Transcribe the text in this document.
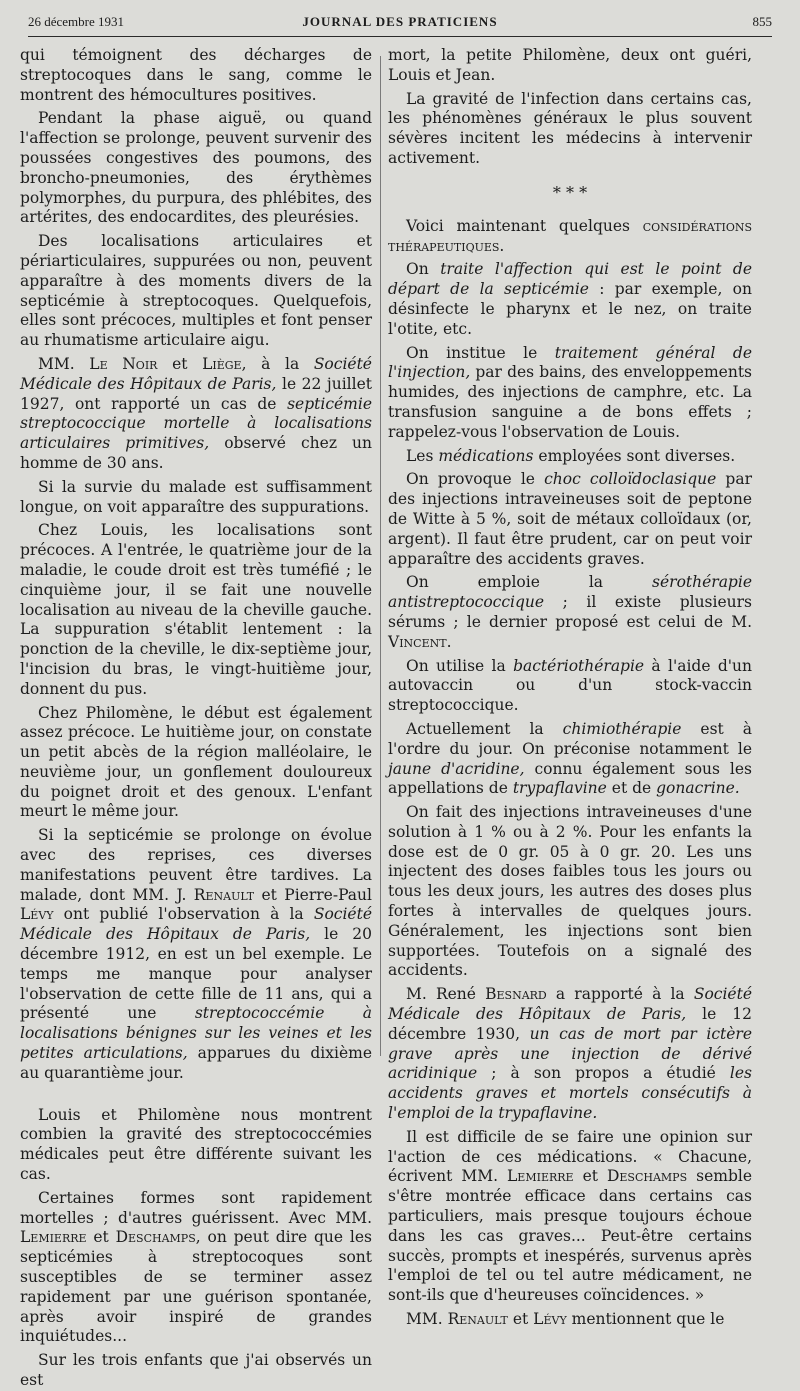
26 décembre 1931	JOURNAL DES PRATICIENS	855

qui témoignent des décharges de streptocoques dans le sang, comme le montrent des hémocultures positives.

Pendant la phase aiguë, ou quand l'affection se prolonge, peuvent survenir des poussées congestives des poumons, des broncho-pneumonies, des érythèmes polymorphes, du purpura, des phlébites, des artérites, des endocardites, des pleurésies.

Des localisations articulaires et périarticulaires, suppurées ou non, peuvent apparaître à des moments divers de la septicémie à streptocoques. Quelquefois, elles sont précoces, multiples et font penser au rhumatisme articulaire aigu.

MM. Le Noir et Liège, à la Société Médicale des Hôpitaux de Paris, le 22 juillet 1927, ont rapporté un cas de septicémie streptococcique mortelle à localisations articulaires primitives, observé chez un homme de 30 ans.

Si la survie du malade est suffisamment longue, on voit apparaître des suppurations.

Chez Louis, les localisations sont précoces. A l'entrée, le quatrième jour de la maladie, le coude droit est très tuméfié ; le cinquième jour, il se fait une nouvelle localisation au niveau de la cheville gauche. La suppuration s'établit lentement : la ponction de la cheville, le dix-septième jour, l'incision du bras, le vingt-huitième jour, donnent du pus.

Chez Philomène, le début est également assez précoce. Le huitième jour, on constate un petit abcès de la région malléolaire, le neuvième jour, un gonflement douloureux du poignet droit et des genoux. L'enfant meurt le même jour.

Si la septicémie se prolonge on évolue avec des reprises, ces diverses manifestations peuvent être tardives. La malade, dont MM. J. Renault et Pierre-Paul Lévy ont publié l'observation à la Société Médicale des Hôpitaux de Paris, le 20 décembre 1912, en est un bel exemple. Le temps me manque pour analyser l'observation de cette fille de 11 ans, qui a présenté une streptococcémie à localisations bénignes sur les veines et les petites articulations, apparues du dixième au quarantième jour.

Louis et Philomène nous montrent combien la gravité des streptococcémies médicales peut être différente suivant les cas.

Certaines formes sont rapidement mortelles ; d'autres guérissent. Avec MM. Lemierre et Deschamps, on peut dire que les septicémies à streptocoques sont susceptibles de se terminer assez rapidement par une guérison spontanée, après avoir inspiré de grandes inquiétudes...

Sur les trois enfants que j'ai observés un est

mort, la petite Philomène, deux ont guéri, Louis et Jean.

La gravité de l'infection dans certains cas, les phénomènes généraux le plus souvent sévères incitent les médecins à intervenir activement.

* * *

Voici maintenant quelques considérations thérapeutiques.

On traite l'affection qui est le point de départ de la septicémie : par exemple, on désinfecte le pharynx et le nez, on traite l'otite, etc.

On institue le traitement général de l'injection, par des bains, des enveloppements humides, des injections de camphre, etc. La transfusion sanguine a de bons effets ; rappelez-vous l'observation de Louis.

Les médications employées sont diverses.

On provoque le choc colloïdoclasique par des injections intraveineuses soit de peptone de Witte à 5 %, soit de métaux colloïdaux (or, argent). Il faut être prudent, car on peut voir apparaître des accidents graves.

On emploie la sérothérapie antistreptococcique ; il existe plusieurs sérums ; le dernier proposé est celui de M. Vincent.

On utilise la bactériothérapie à l'aide d'un autovaccin ou d'un stock-vaccin streptococcique.

Actuellement la chimiothérapie est à l'ordre du jour. On préconise notamment le jaune d'acridine, connu également sous les appellations de trypaflavine et de gonacrine.

On fait des injections intraveineuses d'une solution à 1 % ou à 2 %. Pour les enfants la dose est de 0 gr. 05 à 0 gr. 20. Les uns injectent des doses faibles tous les jours ou tous les deux jours, les autres des doses plus fortes à intervalles de quelques jours. Généralement, les injections sont bien supportées. Toutefois on a signalé des accidents.

M. René Besnard a rapporté à la Société Médicale des Hôpitaux de Paris, le 12 décembre 1930, un cas de mort par ictère grave après une injection de dérivé acridinique ; à son propos a étudié les accidents graves et mortels consécutifs à l'emploi de la trypaflavine.

Il est difficile de se faire une opinion sur l'action de ces médications. « Chacune, écrivent MM. Lemierre et Deschamps semble s'être montrée efficace dans certains cas particuliers, mais presque toujours échoue dans les cas graves... Peut-être certains succès, prompts et inespérés, survenus après l'emploi de tel ou tel autre médicament, ne sont-ils que d'heureuses coïncidences. »

MM. Renault et Lévy mentionnent que le
